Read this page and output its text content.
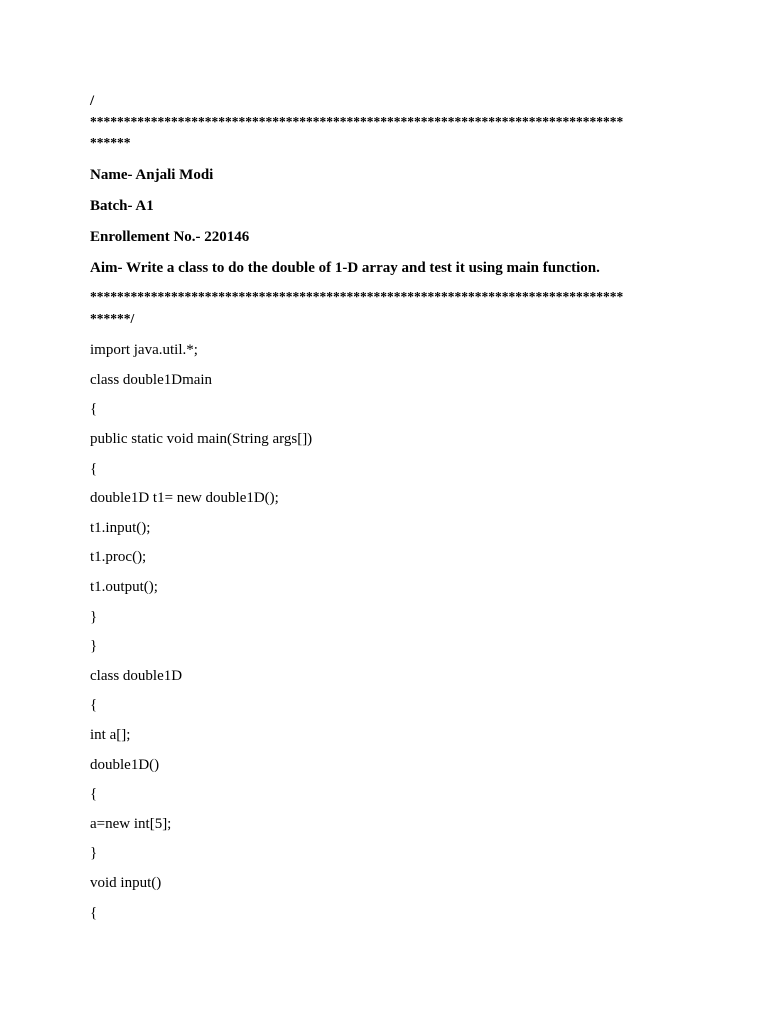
/

*******************************************************************************

******

Name- Anjali Modi

Batch- A1

Enrollement No.- 220146

Aim- Write a class to do the double of 1-D array and test it using main function.

*******************************************************************************

******/

import java.util.*;

class double1Dmain

{

public static void main(String args[])

{

double1D t1= new double1D();

t1.input();

t1.proc();

t1.output();

}

}

class double1D

{

int a[];

double1D()

{

a=new int[5];

}

void input()

{
